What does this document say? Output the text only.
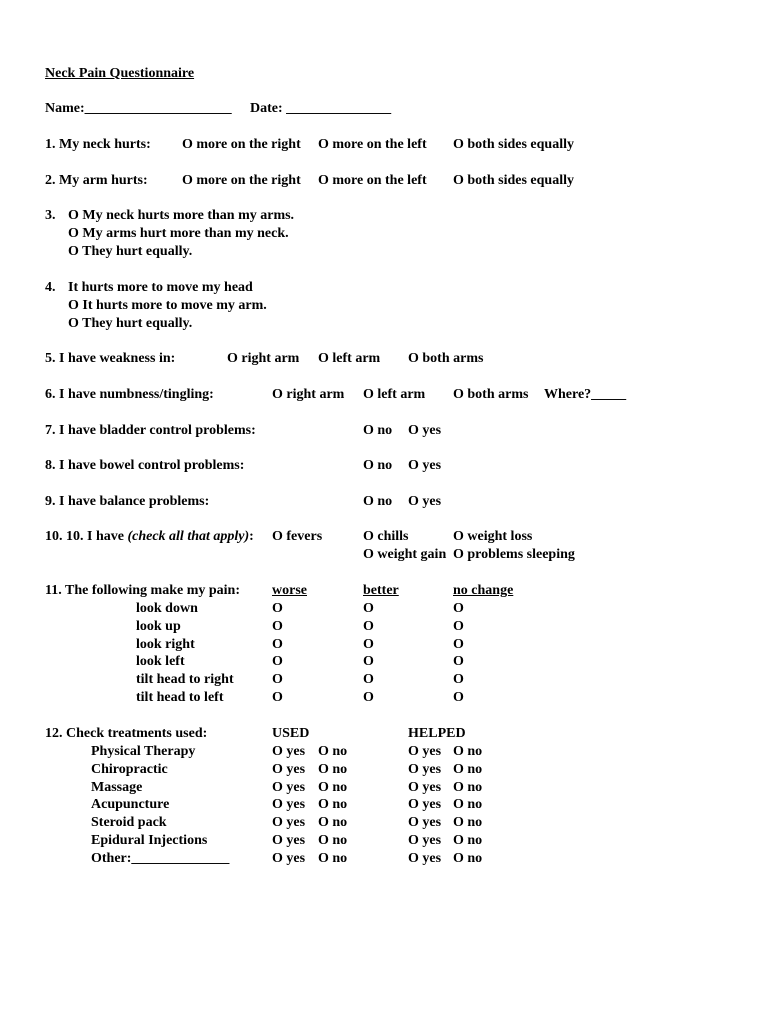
Neck Pain Questionnaire
Name:_____________________ Date: _______________
1. My neck hurts: O more on the right O more on the left O both sides equally
2. My arm hurts: O more on the right O more on the left O both sides equally
3. O My neck hurts more than my arms.
O My arms hurt more than my neck.
O They hurt equally.
4. It hurts more to move my head
O It hurts more to move my arm.
O They hurt equally.
5. I have weakness in:	O right arm O left arm O both arms
6. I have numbness/tingling:	O right arm O left arm O both arms Where?_____
7. I have bladder control problems:	O no O yes
8. I have bowel control problems:	O no O yes
9. I have balance problems:	O no O yes
10. 10. I have (check all that apply): O fevers	O chills	O weight loss
O weight gain O problems sleeping
11. The following make my pain: worse	better	no change
look down	O	O	O
look up	O	O	O
look right	O	O	O
look left	O	O	O
tilt head to right	O	O	O
tilt head to left	O	O	O
12. Check treatments used:	USED	HELPED
Physical Therapy	O yes O no	O yes O no
Chiropractic	O yes O no	O yes O no
Massage	O yes O no	O yes O no
Acupuncture	O yes O no	O yes O no
Steroid pack	O yes O no	O yes O no
Epidural Injections	O yes O no	O yes O no
Other:______________	O yes O no	O yes O no
